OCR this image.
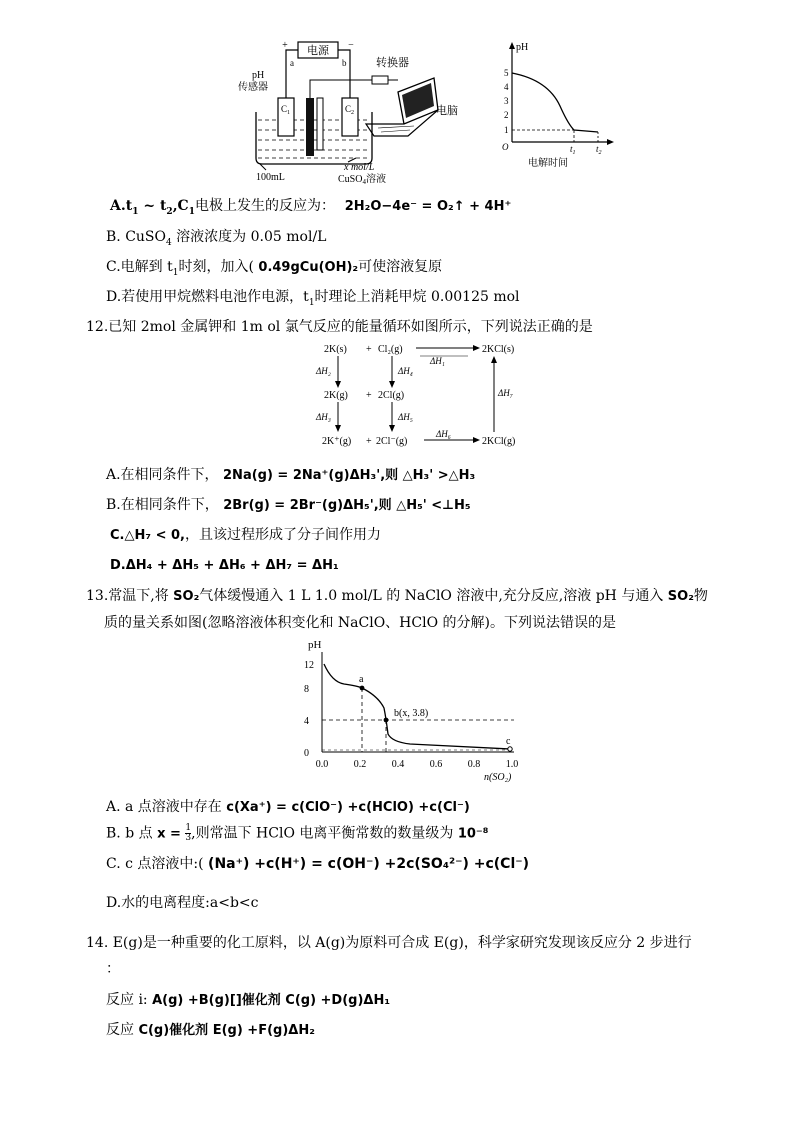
电源
+	−
a	b	转换器
电脑
pH
传感器
$C_1$	$C_2$
100mL
x mol/L
CuSO$_4$溶液
pH
O
5
4
3
2
1
$t_1$ $t_2$
电解时间
$A.t_1$ ~ $t_2,C_1$电极上发生的反应为： 2H₂O−4e⁻ = O₂↑ + 4H⁺
B. CuSO$_4$ 溶液浓度为 0.05 mol/L
C.电解到 $t_1$时刻，加入( 0.49gCu(OH)₂可使溶液复原
D.若使用甲烷燃料电池作电源，$t_1$时理论上消耗甲烷 0.00125 mol
12.已知 2mol 金属钾和 1m ol 氯气反应的能量循环如图所示，下列说法正确的是
2K(s) + Cl₂(g)
ΔH₁
2KCl(s)
ΔH₂	ΔH₄
2K(g) + 2Cl(g)
ΔH₃	ΔH₅
ΔH₇
2K⁺(g) + 2Cl⁻(g)
ΔH₆
2KCl(g)
A.在相同条件下， 2Na(g) = 2Na⁺(g)ΔH₃',则 △H₃' >△H₃
B.在相同条件下， 2Br(g) = 2Br⁻(g)ΔH₅',则 △H₅' <⊥H₅
C.△H₇ < 0,，且该过程形成了分子间作用力
D.ΔH₄ + ΔH₅ + ΔH₆ + ΔH₇ = ΔH₁
13.常温下,将 SO₂气体缓慢通入 1 L 1.0 mol/L 的 NaClO 溶液中,充分反应,溶液 pH 与通入 SO₂物
质的量关系如图(忽略溶液体积变化和 NaClO、HClO 的分解)。下列说法错误的是
pH
12
8
4
0
0.0	0.2	0.4	0.6	0.8	1.0
a
b(x, 3.8)
c
n(SO₂)
A. a 点溶液中存在 c(Xa⁺) = c(ClO⁻) +c(HClO) +c(Cl⁻)
B. b 点 $x = \frac{1}{3}$ ,则常温下 HClO 电离平衡常数的数量级为 10⁻⁸
C. c 点溶液中:( (Na⁺) +c(H⁺) = c(OH⁻) +2c(SO₄²⁻) +c(Cl⁻)
D.水的电离程度:a<b<c
14. E(g)是一种重要的化工原料，以 A(g)为原料可合成 E(g)，科学家研究发现该反应分 2 步进行
：
反应 i: A(g) +B(g)[]催化剂 C(g) +D(g)ΔH₁
反应 C(g)催化剂 E(g) +F(g)ΔH₂
